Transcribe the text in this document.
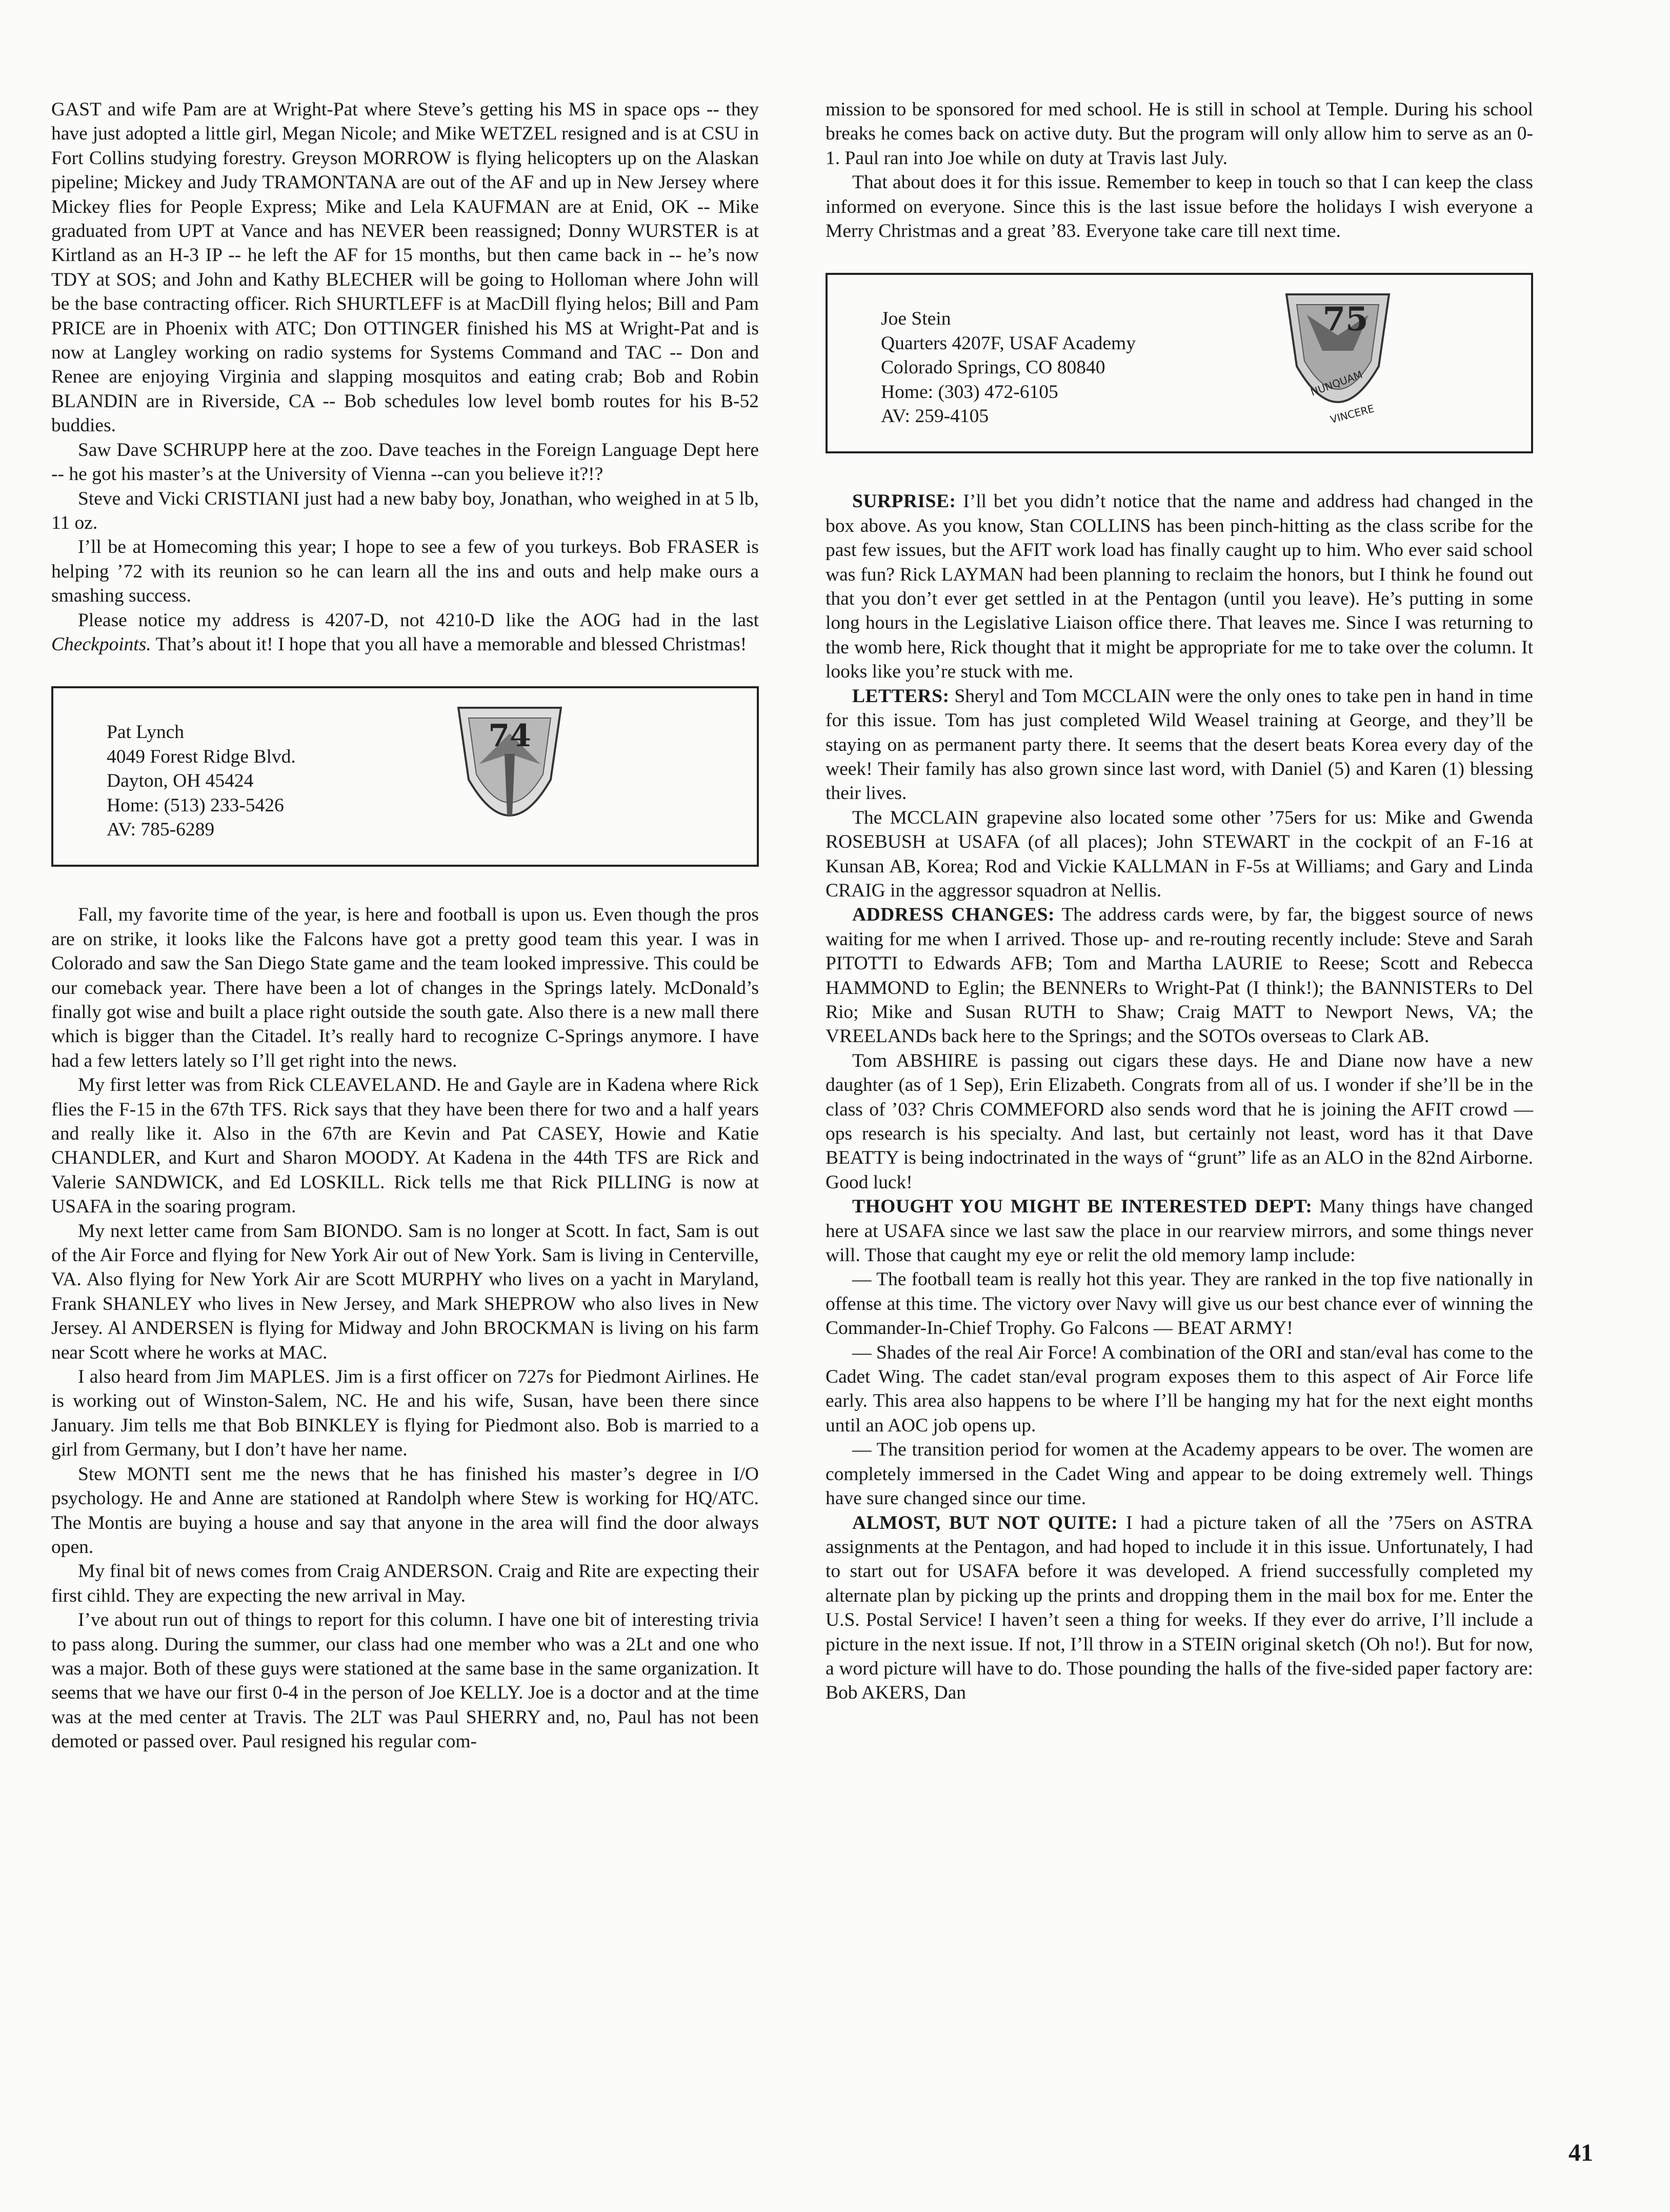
GAST and wife Pam are at Wright-Pat where Steve’s getting his MS in space ops -- they have just adopted a little girl, Megan Nicole; and Mike WETZEL resigned and is at CSU in Fort Collins studying forestry. Greyson MORROW is flying helicopters up on the Alaskan pipeline; Mickey and Judy TRAMONTANA are out of the AF and up in New Jersey where Mickey flies for People Express; Mike and Lela KAUFMAN are at Enid, OK -- Mike graduated from UPT at Vance and has NEVER been reassigned; Donny WURSTER is at Kirtland as an H-3 IP -- he left the AF for 15 months, but then came back in -- he’s now TDY at SOS; and John and Kathy BLECHER will be going to Holloman where John will be the base contracting officer. Rich SHURTLEFF is at MacDill flying helos; Bill and Pam PRICE are in Phoenix with ATC; Don OTTINGER finished his MS at Wright-Pat and is now at Langley working on radio systems for Systems Command and TAC -- Don and Renee are enjoying Virginia and slapping mosquitos and eating crab; Bob and Robin BLANDIN are in Riverside, CA -- Bob schedules low level bomb routes for his B-52 buddies.

Saw Dave SCHRUPP here at the zoo. Dave teaches in the Foreign Language Dept here -- he got his master’s at the University of Vienna --can you believe it?!?

Steve and Vicki CRISTIANI just had a new baby boy, Jonathan, who weighed in at 5 lb, 11 oz.

I’ll be at Homecoming this year; I hope to see a few of you turkeys. Bob FRASER is helping ’72 with its reunion so he can learn all the ins and outs and help make ours a smashing success.

Please notice my address is 4207-D, not 4210-D like the AOG had in the last Checkpoints. That’s about it! I hope that you all have a memorable and blessed Christmas!

Pat Lynch
4049 Forest Ridge Blvd.
Dayton, OH 45424
Home: (513) 233-5426
AV: 785-6289
74

Fall, my favorite time of the year, is here and football is upon us. Even though the pros are on strike, it looks like the Falcons have got a pretty good team this year. I was in Colorado and saw the San Diego State game and the team looked impressive. This could be our comeback year. There have been a lot of changes in the Springs lately. McDonald’s finally got wise and built a place right outside the south gate. Also there is a new mall there which is bigger than the Citadel. It’s really hard to recognize C-Springs anymore. I have had a few letters lately so I’ll get right into the news.

My first letter was from Rick CLEAVELAND. He and Gayle are in Kadena where Rick flies the F-15 in the 67th TFS. Rick says that they have been there for two and a half years and really like it. Also in the 67th are Kevin and Pat CASEY, Howie and Katie CHANDLER, and Kurt and Sharon MOODY. At Kadena in the 44th TFS are Rick and Valerie SANDWICK, and Ed LOSKILL. Rick tells me that Rick PILLING is now at USAFA in the soaring program.

My next letter came from Sam BIONDO. Sam is no longer at Scott. In fact, Sam is out of the Air Force and flying for New York Air out of New York. Sam is living in Centerville, VA. Also flying for New York Air are Scott MURPHY who lives on a yacht in Maryland, Frank SHANLEY who lives in New Jersey, and Mark SHEPROW who also lives in New Jersey. Al ANDERSEN is flying for Midway and John BROCKMAN is living on his farm near Scott where he works at MAC.

I also heard from Jim MAPLES. Jim is a first officer on 727s for Piedmont Airlines. He is working out of Winston-Salem, NC. He and his wife, Susan, have been there since January. Jim tells me that Bob BINKLEY is flying for Piedmont also. Bob is married to a girl from Germany, but I don’t have her name.

Stew MONTI sent me the news that he has finished his master’s degree in I/O psychology. He and Anne are stationed at Randolph where Stew is working for HQ/ATC. The Montis are buying a house and say that anyone in the area will find the door always open.

My final bit of news comes from Craig ANDERSON. Craig and Rite are expecting their first cihld. They are expecting the new arrival in May.

I’ve about run out of things to report for this column. I have one bit of interesting trivia to pass along. During the summer, our class had one member who was a 2Lt and one who was a major. Both of these guys were stationed at the same base in the same organization. It seems that we have our first 0-4 in the person of Joe KELLY. Joe is a doctor and at the time was at the med center at Travis. The 2LT was Paul SHERRY and, no, Paul has not been demoted or passed over. Paul resigned his regular com-

mission to be sponsored for med school. He is still in school at Temple. During his school breaks he comes back on active duty. But the program will only allow him to serve as an 0-1. Paul ran into Joe while on duty at Travis last July.

That about does it for this issue. Remember to keep in touch so that I can keep the class informed on everyone. Since this is the last issue before the holidays I wish everyone a Merry Christmas and a great ’83. Everyone take care till next time.

Joe Stein
Quarters 4207F, USAF Academy
Colorado Springs, CO 80840
Home: (303) 472-6105
AV: 259-4105
75
NUNQUAM
VINCERE

SURPRISE: I’ll bet you didn’t notice that the name and address had changed in the box above. As you know, Stan COLLINS has been pinch-hitting as the class scribe for the past few issues, but the AFIT work load has finally caught up to him. Who ever said school was fun? Rick LAYMAN had been planning to reclaim the honors, but I think he found out that you don’t ever get settled in at the Pentagon (until you leave). He’s putting in some long hours in the Legislative Liaison office there. That leaves me. Since I was returning to the womb here, Rick thought that it might be appropriate for me to take over the column. It looks like you’re stuck with me.

LETTERS: Sheryl and Tom MCCLAIN were the only ones to take pen in hand in time for this issue. Tom has just completed Wild Weasel training at George, and they’ll be staying on as permanent party there. It seems that the desert beats Korea every day of the week! Their family has also grown since last word, with Daniel (5) and Karen (1) blessing their lives.

The MCCLAIN grapevine also located some other ’75ers for us: Mike and Gwenda ROSEBUSH at USAFA (of all places); John STEWART in the cockpit of an F-16 at Kunsan AB, Korea; Rod and Vickie KALLMAN in F-5s at Williams; and Gary and Linda CRAIG in the aggressor squadron at Nellis.

ADDRESS CHANGES: The address cards were, by far, the biggest source of news waiting for me when I arrived. Those up- and re-routing recently include: Steve and Sarah PITOTTI to Edwards AFB; Tom and Martha LAURIE to Reese; Scott and Rebecca HAMMOND to Eglin; the BENNERs to Wright-Pat (I think!); the BANNISTERs to Del Rio; Mike and Susan RUTH to Shaw; Craig MATT to Newport News, VA; the VREELANDs back here to the Springs; and the SOTOs overseas to Clark AB.

Tom ABSHIRE is passing out cigars these days. He and Diane now have a new daughter (as of 1 Sep), Erin Elizabeth. Congrats from all of us. I wonder if she’ll be in the class of ’03? Chris COMMEFORD also sends word that he is joining the AFIT crowd — ops research is his specialty. And last, but certainly not least, word has it that Dave BEATTY is being indoctrinated in the ways of “grunt” life as an ALO in the 82nd Airborne. Good luck!

THOUGHT YOU MIGHT BE INTERESTED DEPT: Many things have changed here at USAFA since we last saw the place in our rearview mirrors, and some things never will. Those that caught my eye or relit the old memory lamp include:

— The football team is really hot this year. They are ranked in the top five nationally in offense at this time. The victory over Navy will give us our best chance ever of winning the Commander-In-Chief Trophy. Go Falcons — BEAT ARMY!

— Shades of the real Air Force! A combination of the ORI and stan/eval has come to the Cadet Wing. The cadet stan/eval program exposes them to this aspect of Air Force life early. This area also happens to be where I’ll be hanging my hat for the next eight months until an AOC job opens up.

— The transition period for women at the Academy appears to be over. The women are completely immersed in the Cadet Wing and appear to be doing extremely well. Things have sure changed since our time.

ALMOST, BUT NOT QUITE: I had a picture taken of all the ’75ers on ASTRA assignments at the Pentagon, and had hoped to include it in this issue. Unfortunately, I had to start out for USAFA before it was developed. A friend successfully completed my alternate plan by picking up the prints and dropping them in the mail box for me. Enter the U.S. Postal Service! I haven’t seen a thing for weeks. If they ever do arrive, I’ll include a picture in the next issue. If not, I’ll throw in a STEIN original sketch (Oh no!). But for now, a word picture will have to do. Those pounding the halls of the five-sided paper factory are: Bob AKERS, Dan

41
